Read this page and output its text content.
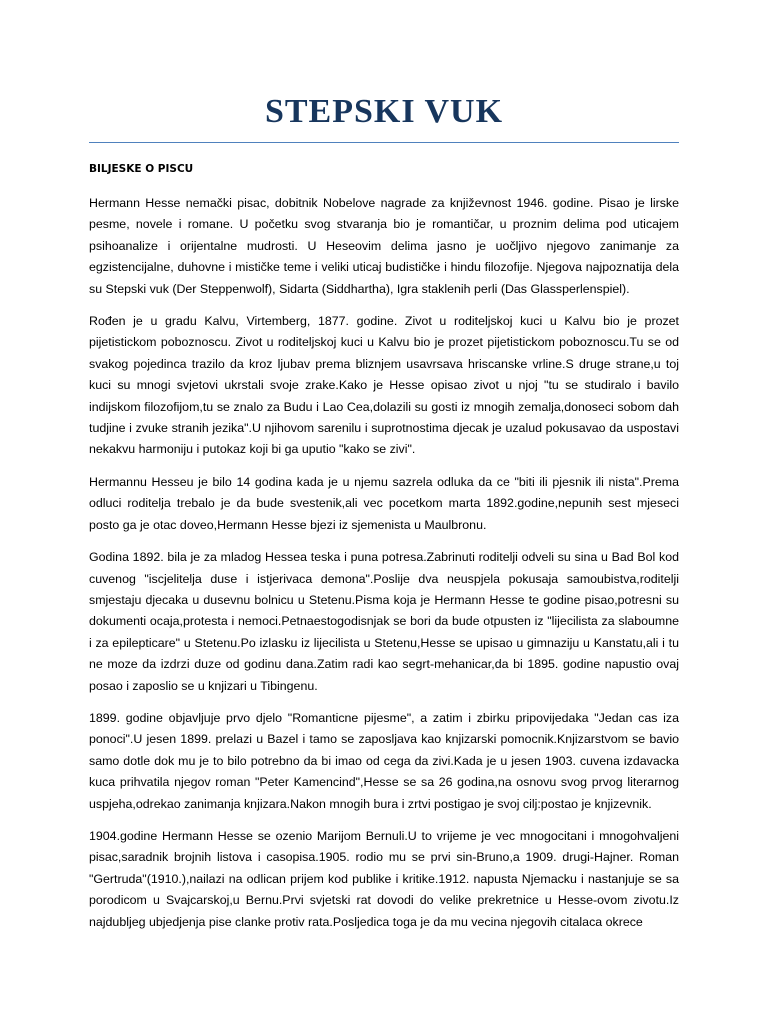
STEPSKI VUK
BILJESKE O PISCU

Hermann Hesse nemački pisac, dobitnik Nobelove nagrade za književnost 1946. godine. Pisao je lirske pesme, novele i romane. U početku svog stvaranja bio je romantičar, u proznim delima pod uticajem psihoanalize i orijentalne mudrosti. U Heseovim delima jasno je uočljivo njegovo zanimanje za egzistencijalne, duhovne i mističke teme i veliki uticaj budističke i hindu filozofije. Njegova najpoznatija dela su Stepski vuk (Der Steppenwolf), Sidarta (Siddhartha), Igra staklenih perli (Das Glassperlenspiel).

Rođen je u gradu Kalvu, Virtemberg, 1877. godine. Zivot u roditeljskoj kuci u Kalvu bio je prozet pijetistickom poboznoscu. Zivot u roditeljskoj kuci u Kalvu bio je prozet pijetistickom poboznoscu.Tu se od svakog pojedinca trazilo da kroz ljubav prema bliznjem usavrsava hriscanske vrline.S druge strane,u toj kuci su mnogi svjetovi ukrstali svoje zrake.Kako je Hesse opisao zivot u njoj "tu se studiralo i bavilo indijskom filozofijom,tu se znalo za Budu i Lao Cea,dolazili su gosti iz mnogih zemalja,donoseci sobom dah tudjine i zvuke stranih jezika".U njihovom sarenilu i suprotnostima djecak je uzalud pokusavao da uspostavi nekakvu harmoniju i putokaz koji bi ga uputio "kako se zivi".

Hermannu Hesseu je bilo 14 godina kada je u njemu sazrela odluka da ce "biti ili pjesnik ili nista".Prema odluci roditelja trebalo je da bude svestenik,ali vec pocetkom marta 1892.godine,nepunih sest mjeseci posto ga je otac doveo,Hermann Hesse bjezi iz sjemenista u Maulbronu.

Godina 1892. bila je za mladog Hessea teska i puna potresa.Zabrinuti roditelji odveli su sina u Bad Bol kod cuvenog "iscjelitelja duse i istjerivaca demona".Poslije dva neuspjela pokusaja samoubistva,roditelji smjestaju djecaka u dusevnu bolnicu u Stetenu.Pisma koja je Hermann Hesse te godine pisao,potresni su dokumenti ocaja,protesta i nemoci.Petnaestogodisnjak se bori da bude otpusten iz "lijecilista za slaboumne i za epilepticare" u Stetenu.Po izlasku iz lijecilista u Stetenu,Hesse se upisao u gimnaziju u Kanstatu,ali i tu ne moze da izdrzi duze od godinu dana.Zatim radi kao segrt-mehanicar,da bi 1895. godine napustio ovaj posao i zaposlio se u knjizari u Tibingenu.

1899. godine objavljuje prvo djelo "Romanticne pijesme", a zatim i zbirku pripovijedaka "Jedan cas iza ponoci".U jesen 1899. prelazi u Bazel i tamo se zaposljava kao knjizarski pomocnik.Knjizarstvom se bavio samo dotle dok mu je to bilo potrebno da bi imao od cega da zivi.Kada je u jesen 1903. cuvena izdavacka kuca prihvatila njegov roman "Peter Kamencind",Hesse se sa 26 godina,na osnovu svog prvog literarnog uspjeha,odrekao zanimanja knjizara.Nakon mnogih bura i zrtvi postigao je svoj cilj:postao je knjizevnik.

1904.godine Hermann Hesse se ozenio Marijom Bernuli.U to vrijeme je vec mnogocitani i mnogohvaljeni pisac,saradnik brojnih listova i casopisa.1905. rodio mu se prvi sin-Bruno,a 1909. drugi-Hajner. Roman "Gertruda"(1910.),nailazi na odlican prijem kod publike i kritike.1912. napusta Njemacku i nastanjuje se sa porodicom u Svajcarskoj,u Bernu.Prvi svjetski rat dovodi do velike prekretnice u Hesse-ovom zivotu.Iz najdubljeg ubjedjenja pise clanke protiv rata.Posljedica toga je da mu vecina njegovih citalaca okrece
